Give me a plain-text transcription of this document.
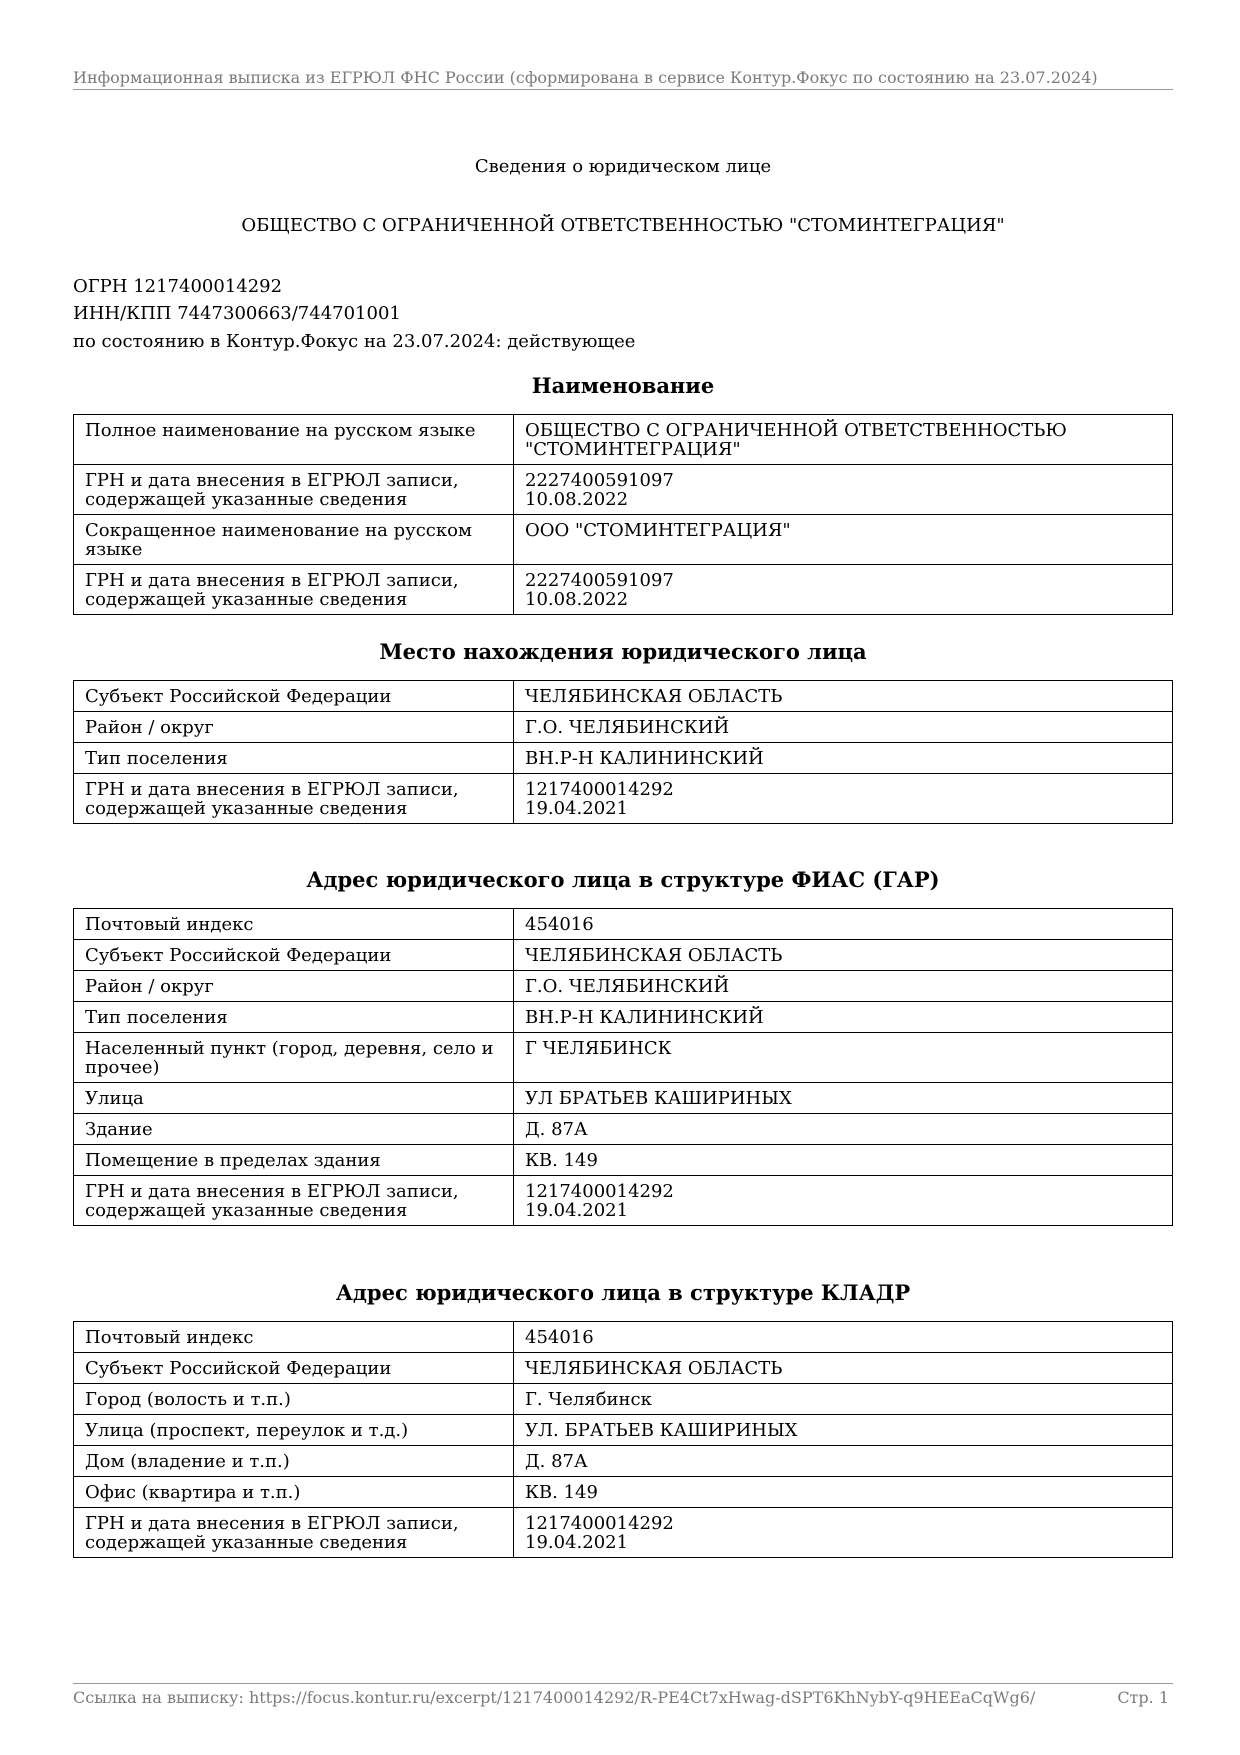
Информационная выписка из ЕГРЮЛ ФНС России (сформирована в сервисе Контур.Фокус по состоянию на 23.07.2024)
Сведения о юридическом лице
ОБЩЕСТВО С ОГРАНИЧЕННОЙ ОТВЕТСТВЕННОСТЬЮ "СТОМИНТЕГРАЦИЯ"
ОГРН 1217400014292
ИНН/КПП 7447300663/744701001
по состоянию в Контур.Фокус на 23.07.2024: действующее
Наименование
Полное наименование на русском языке	ОБЩЕСТВО С ОГРАНИЧЕННОЙ ОТВЕТСТВЕННОСТЬЮ
"СТОМИНТЕГРАЦИЯ"

ГРН и дата внесения в ЕГРЮЛ записи,
содержащей указанные сведения	2227400591097
10.08.2022

Сокращенное наименование на русском языке	ООО "СТОМИНТЕГРАЦИЯ"

ГРН и дата внесения в ЕГРЮЛ записи,
содержащей указанные сведения	2227400591097
10.08.2022
Место нахождения юридического лица
Субъект Российской Федерации	ЧЕЛЯБИНСКАЯ ОБЛАСТЬ

Район / округ	Г.О. ЧЕЛЯБИНСКИЙ

Тип поселения	ВН.Р-Н КАЛИНИНСКИЙ

ГРН и дата внесения в ЕГРЮЛ записи,
содержащей указанные сведения	1217400014292
19.04.2021
Адрес юридического лица в структуре ФИАС (ГАР)
Почтовый индекс	454016

Субъект Российской Федерации	ЧЕЛЯБИНСКАЯ ОБЛАСТЬ

Район / округ	Г.О. ЧЕЛЯБИНСКИЙ

Тип поселения	ВН.Р-Н КАЛИНИНСКИЙ

Населенный пункт (город, деревня, село и
прочее)	Г ЧЕЛЯБИНСК

Улица	УЛ БРАТЬЕВ КАШИРИНЫХ

Здание	Д. 87А

Помещение в пределах здания	КВ. 149

ГРН и дата внесения в ЕГРЮЛ записи,
содержащей указанные сведения	1217400014292
19.04.2021
Адрес юридического лица в структуре КЛАДР
Почтовый индекс	454016

Субъект Российской Федерации	ЧЕЛЯБИНСКАЯ ОБЛАСТЬ

Город (волость и т.п.)	Г. Челябинск

Улица (проспект, переулок и т.д.)	УЛ. БРАТЬЕВ КАШИРИНЫХ

Дом (владение и т.п.)	Д. 87А

Офис (квартира и т.п.)	КВ. 149

ГРН и дата внесения в ЕГРЮЛ записи,
содержащей указанные сведения	1217400014292
19.04.2021
Ссылка на выписку: https://focus.kontur.ru/excerpt/1217400014292/R-PE4Ct7xHwag-dSPT6KhNybY-q9HEEaCqWg6/	Стр. 1
